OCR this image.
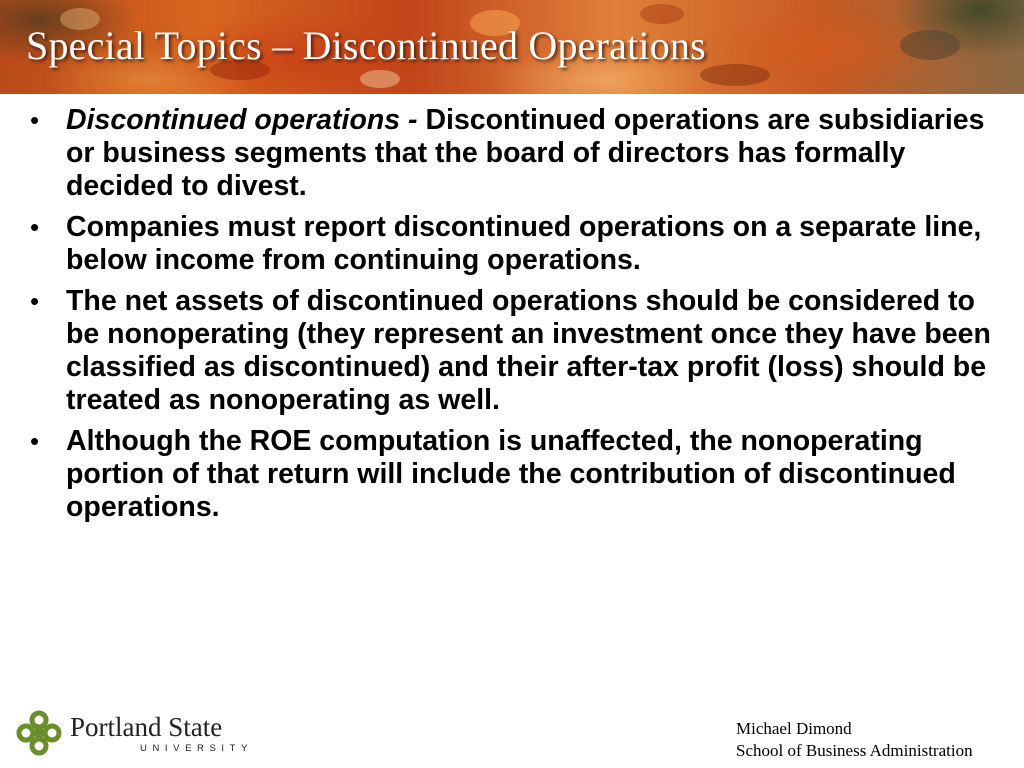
Special Topics – Discontinued Operations
• Discontinued operations - Discontinued operations are subsidiaries or business segments that the board of directors has formally decided to divest.
• Companies must report discontinued operations on a separate line, below income from continuing operations.
• The net assets of discontinued operations should be considered to be nonoperating (they represent an investment once they have been classified as discontinued) and their after-tax profit (loss) should be treated as nonoperating as well.
• Although the ROE computation is unaffected, the nonoperating portion of that return will include the contribution of discontinued operations.
Portland State
UNIVERSITY
Michael Dimond
School of Business Administration
